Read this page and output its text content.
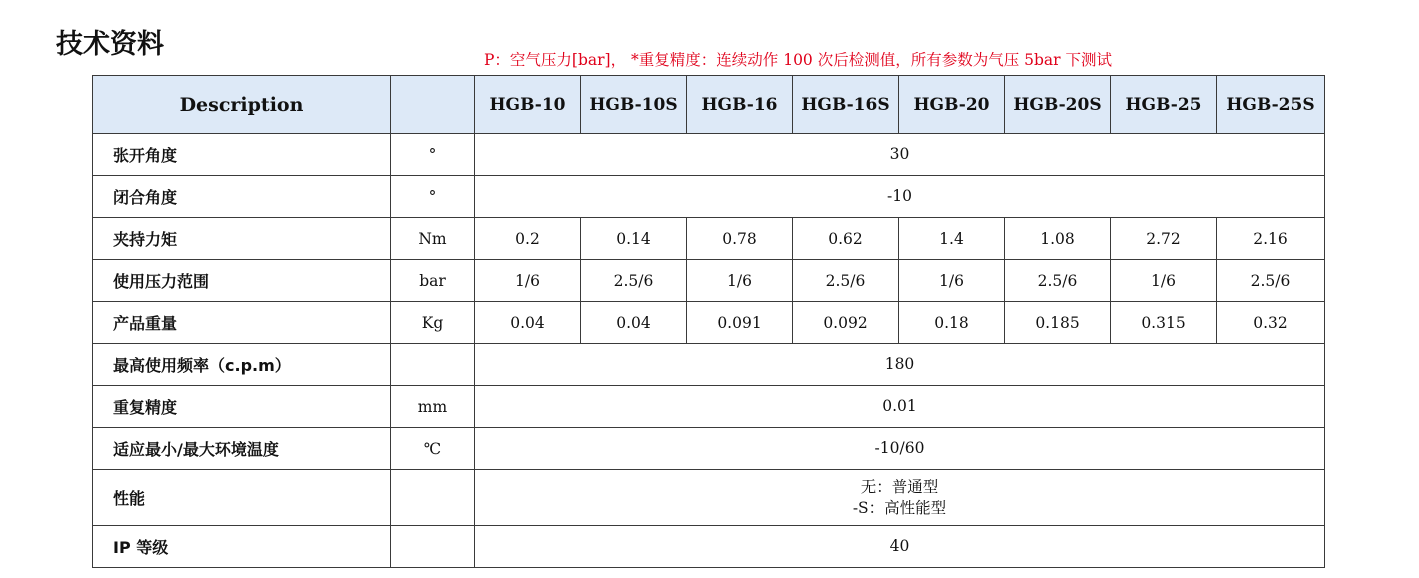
技术资料	P：空气压力[bar]， *重复精度：连续动作 100 次后检测值，所有参数为气压 5bar 下测试
Description		HGB-10	HGB-10S	HGB-16	HGB-16S	HGB-20	HGB-20S	HGB-25	HGB-25S
张开角度	°	30							
闭合角度	°	-10							
夹持力矩	Nm	0.2	0.14	0.78	0.62	1.4	1.08	2.72	2.16
使用压力范围	bar	1/6	2.5/6	1/6	2.5/6	1/6	2.5/6	1/6	2.5/6
产品重量	Kg	0.04	0.04	0.091	0.092	0.18	0.185	0.315	0.32
最高使用频率（c.p.m）		180							
重复精度	mm	0.01							
适应最小/最大环境温度	℃	-10/60							
性能		无：普通型
-S：高性能型							

IP 等级		40							
